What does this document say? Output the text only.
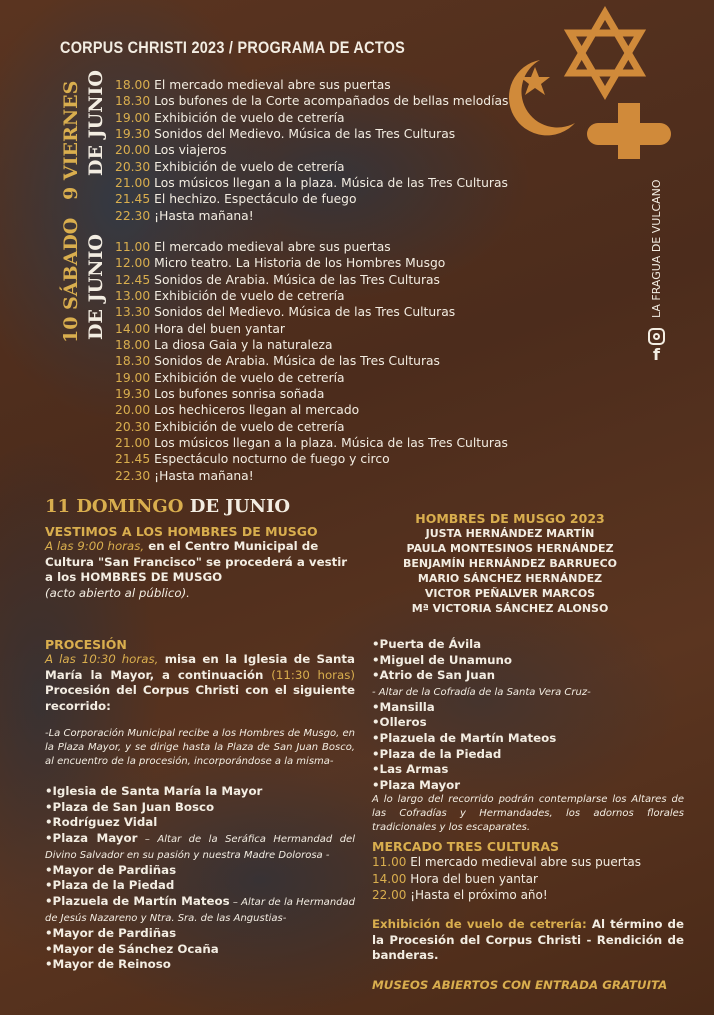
CORPUS CHRISTI 2023 / PROGRAMA DE ACTOS
9 VIERNES DE JUNIO 18.00 El mercado medieval abre sus puertas
18.30 Los bufones de la Corte acompañados de bellas melodías
19.00 Exhibición de vuelo de cetrería
19.30 Sonidos del Medievo. Música de las Tres Culturas
20.00 Los viajeros
20.30 Exhibición de vuelo de cetrería
21.00 Los músicos llegan a la plaza. Música de las Tres Culturas
21.45 El hechizo. Espectáculo de fuego
22.30 ¡Hasta mañana!
10 SÁBADO DE JUNIO 11.00 El mercado medieval abre sus puertas
12.00 Micro teatro. La Historia de los Hombres Musgo
12.45 Sonidos de Arabia. Música de las Tres Culturas
13.00 Exhibición de vuelo de cetrería
13.30 Sonidos del Medievo. Música de las Tres Culturas
14.00 Hora del buen yantar
18.00 La diosa Gaia y la naturaleza
18.30 Sonidos de Arabia. Música de las Tres Culturas
19.00 Exhibición de vuelo de cetrería
19.30 Los bufones sonrisa soñada
20.00 Los hechiceros llegan al mercado
20.30 Exhibición de vuelo de cetrería
21.00 Los músicos llegan a la plaza. Música de las Tres Culturas
21.45 Espectáculo nocturno de fuego y circo
22.30 ¡Hasta mañana!
11 DOMINGO DE JUNIO
VESTIMOS A LOS HOMBRES DE MUSGO
A las 9:00 horas, en el Centro Municipal de Cultura "San Francisco" se procederá a vestir a los HOMBRES DE MUSGO
(acto abierto al público).
PROCESIÓN
A las 10:30 horas, misa en la Iglesia de Santa María la Mayor, a continuación (11:30 horas) Procesión del Corpus Christi con el siguiente recorrido:
-La Corporación Municipal recibe a los Hombres de Musgo, en la Plaza Mayor, y se dirige hasta la Plaza de San Juan Bosco, al encuentro de la procesión, incorporándose a la misma-
• Iglesia de Santa María la Mayor
• Plaza de San Juan Bosco
• Rodríguez Vidal
• Plaza Mayor – Altar de la Seráfica Hermandad del Divino Salvador en su pasión y nuestra Madre Dolorosa -
• Mayor de Pardiñas
• Plaza de la Piedad
• Plazuela de Martín Mateos – Altar de la Hermandad de Jesús Nazareno y Ntra. Sra. de las Angustias-
• Mayor de Pardiñas
• Mayor de Sánchez Ocaña
• Mayor de Reinoso
HOMBRES DE MUSGO 2023
JUSTA HERNÁNDEZ MARTÍN
PAULA MONTESINOS HERNÁNDEZ
BENJAMÍN HERNÁNDEZ BARRUECO
MARIO SÁNCHEZ HERNÁNDEZ
VICTOR PEÑALVER MARCOS
Mª VICTORIA SÁNCHEZ ALONSO
• Puerta de Ávila
• Miguel de Unamuno
• Atrio de San Juan
- Altar de la Cofradía de la Santa Vera Cruz-
• Mansilla
• Olleros
• Plazuela de Martín Mateos
• Plaza de la Piedad
• Las Armas
• Plaza Mayor
A lo largo del recorrido podrán contemplarse los Altares de las Cofradías y Hermandades, los adornos florales tradicionales y los escaparates.
MERCADO TRES CULTURAS
11.00 El mercado medieval abre sus puertas
14.00 Hora del buen yantar
22.00 ¡Hasta el próximo año!
Exhibición de vuelo de cetrería: Al término de la Procesión del Corpus Christi - Rendición de banderas.
MUSEOS ABIERTOS CON ENTRADA GRATUITA
f
LA FRAGUA DE VULCANO
